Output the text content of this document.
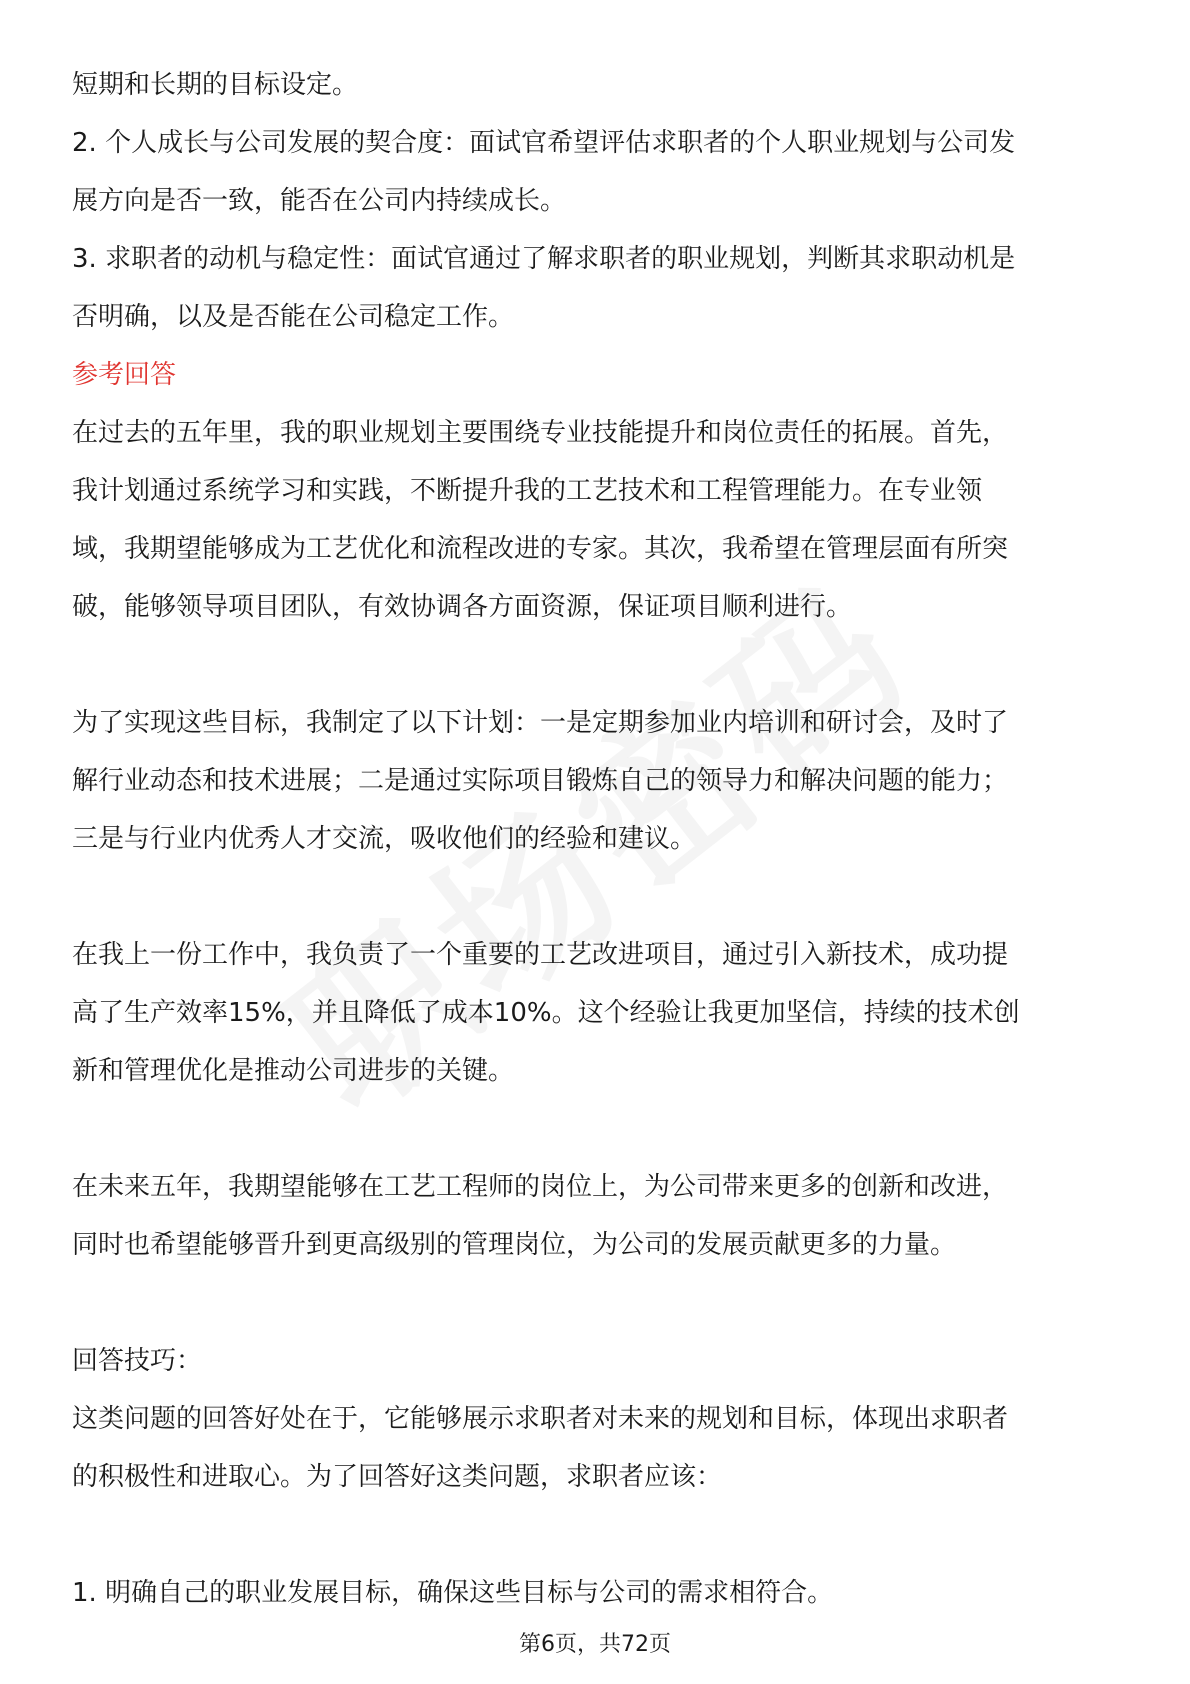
短期和长期的目标设定。

2. 个人成长与公司发展的契合度：面试官希望评估求职者的个人职业规划与公司发

展方向是否一致，能否在公司内持续成长。

3. 求职者的动机与稳定性：面试官通过了解求职者的职业规划，判断其求职动机是

否明确，以及是否能在公司稳定工作。

参考回答

在过去的五年里，我的职业规划主要围绕专业技能提升和岗位责任的拓展。首先，

我计划通过系统学习和实践，不断提升我的工艺技术和工程管理能力。在专业领

域，我期望能够成为工艺优化和流程改进的专家。其次，我希望在管理层面有所突

破，能够领导项目团队，有效协调各方面资源，保证项目顺利进行。

为了实现这些目标，我制定了以下计划：一是定期参加业内培训和研讨会，及时了

解行业动态和技术进展；二是通过实际项目锻炼自己的领导力和解决问题的能力；

三是与行业内优秀人才交流，吸收他们的经验和建议。

在我上一份工作中，我负责了一个重要的工艺改进项目，通过引入新技术，成功提

高了生产效率15%，并且降低了成本10%。这个经验让我更加坚信，持续的技术创

新和管理优化是推动公司进步的关键。

在未来五年，我期望能够在工艺工程师的岗位上，为公司带来更多的创新和改进，

同时也希望能够晋升到更高级别的管理岗位，为公司的发展贡献更多的力量。

回答技巧：

这类问题的回答好处在于，它能够展示求职者对未来的规划和目标，体现出求职者

的积极性和进取心。为了回答好这类问题，求职者应该：

1. 明确自己的职业发展目标，确保这些目标与公司的需求相符合。

第6页，共72页
